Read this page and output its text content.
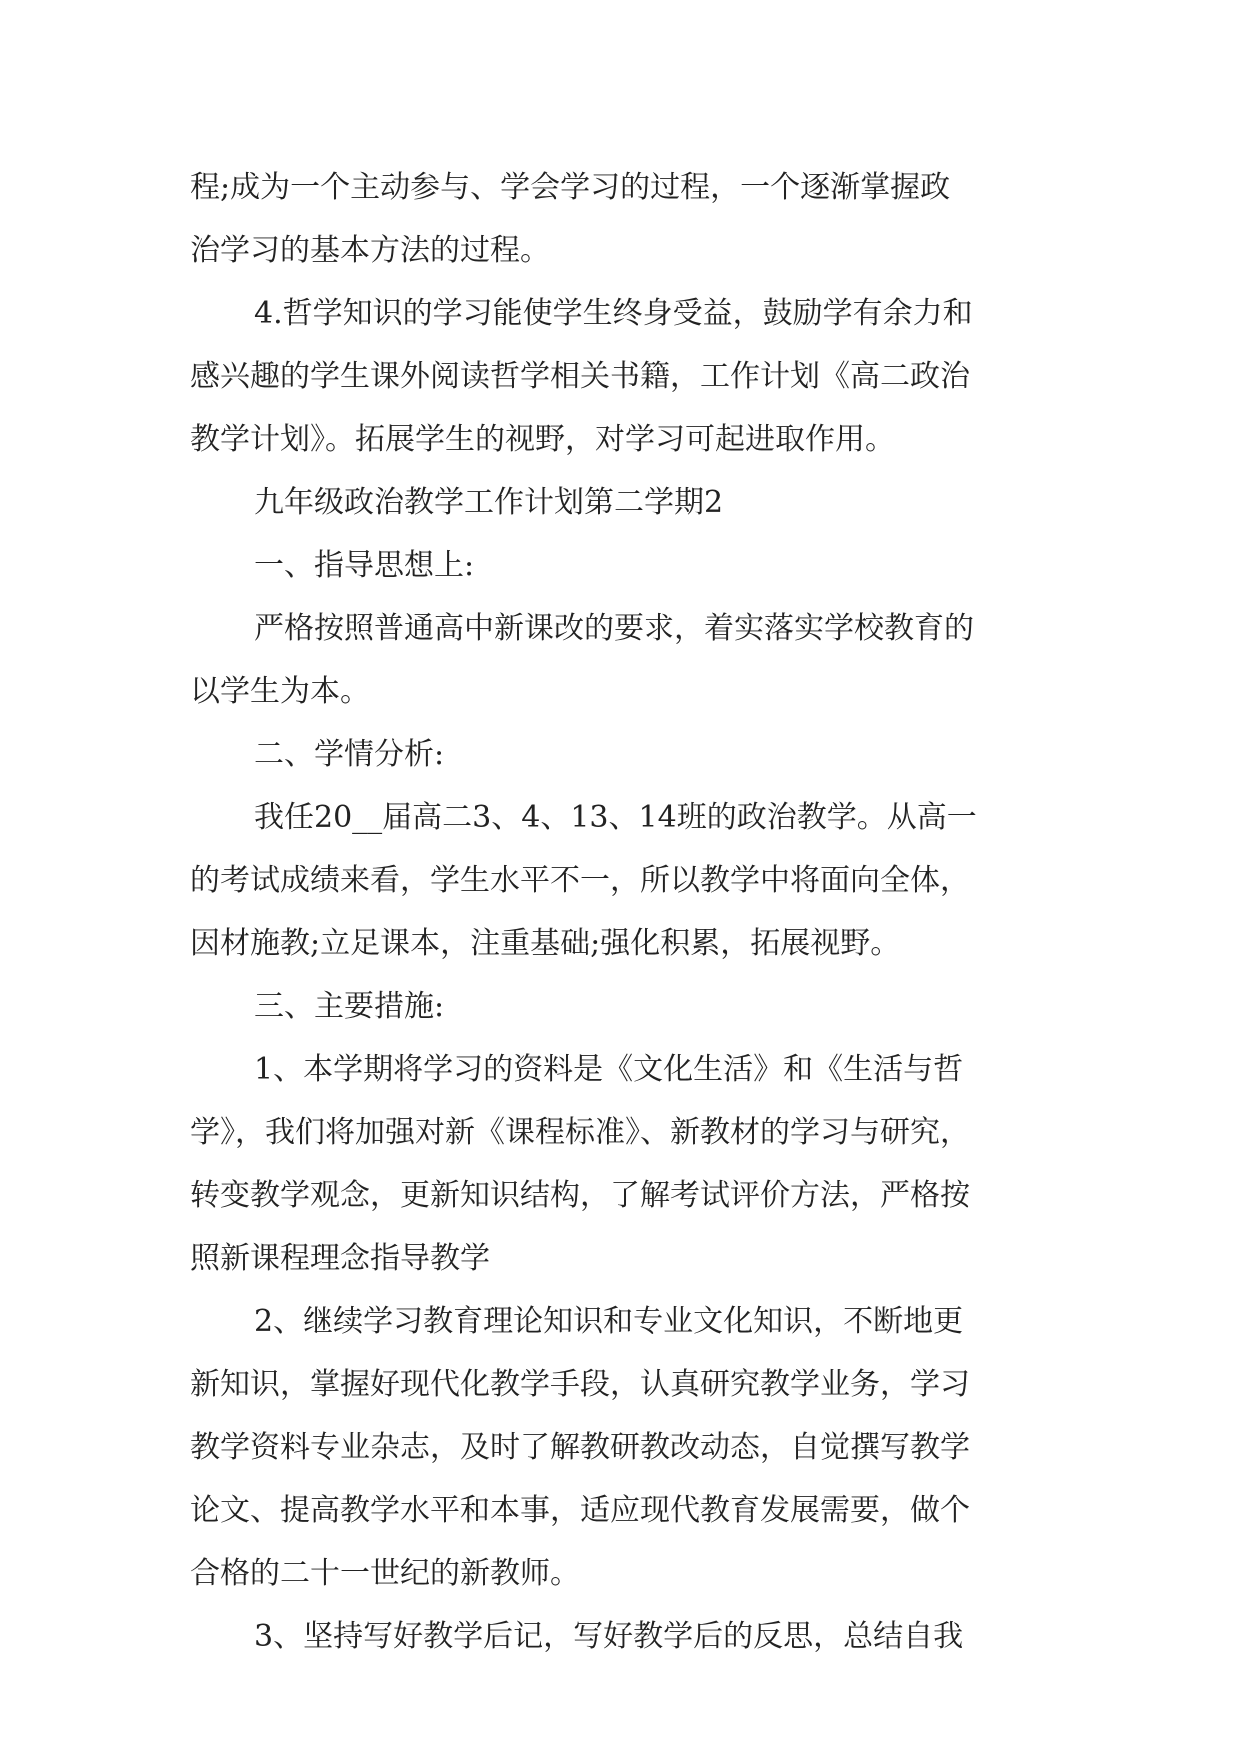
程;成为一个主动参与、学会学习的过程，一个逐渐掌握政
治学习的基本方法的过程。
4.哲学知识的学习能使学生终身受益，鼓励学有余力和
感兴趣的学生课外阅读哲学相关书籍，工作计划《高二政治
教学计划》。拓展学生的视野，对学习可起进取作用。
九年级政治教学工作计划第二学期2
一、指导思想上:
严格按照普通高中新课改的要求，着实落实学校教育的
以学生为本。
二、学情分析:
我任20__届高二3、4、13、14班的政治教学。从高一
的考试成绩来看，学生水平不一，所以教学中将面向全体，
因材施教;立足课本，注重基础;强化积累，拓展视野。
三、主要措施:
1、本学期将学习的资料是《文化生活》和《生活与哲
学》，我们将加强对新《课程标准》、新教材的学习与研究，
转变教学观念，更新知识结构，了解考试评价方法，严格按
照新课程理念指导教学
2、继续学习教育理论知识和专业文化知识，不断地更
新知识，掌握好现代化教学手段，认真研究教学业务，学习
教学资料专业杂志，及时了解教研教改动态，自觉撰写教学
论文、提高教学水平和本事，适应现代教育发展需要，做个
合格的二十一世纪的新教师。
3、坚持写好教学后记，写好教学后的反思，总结自我
